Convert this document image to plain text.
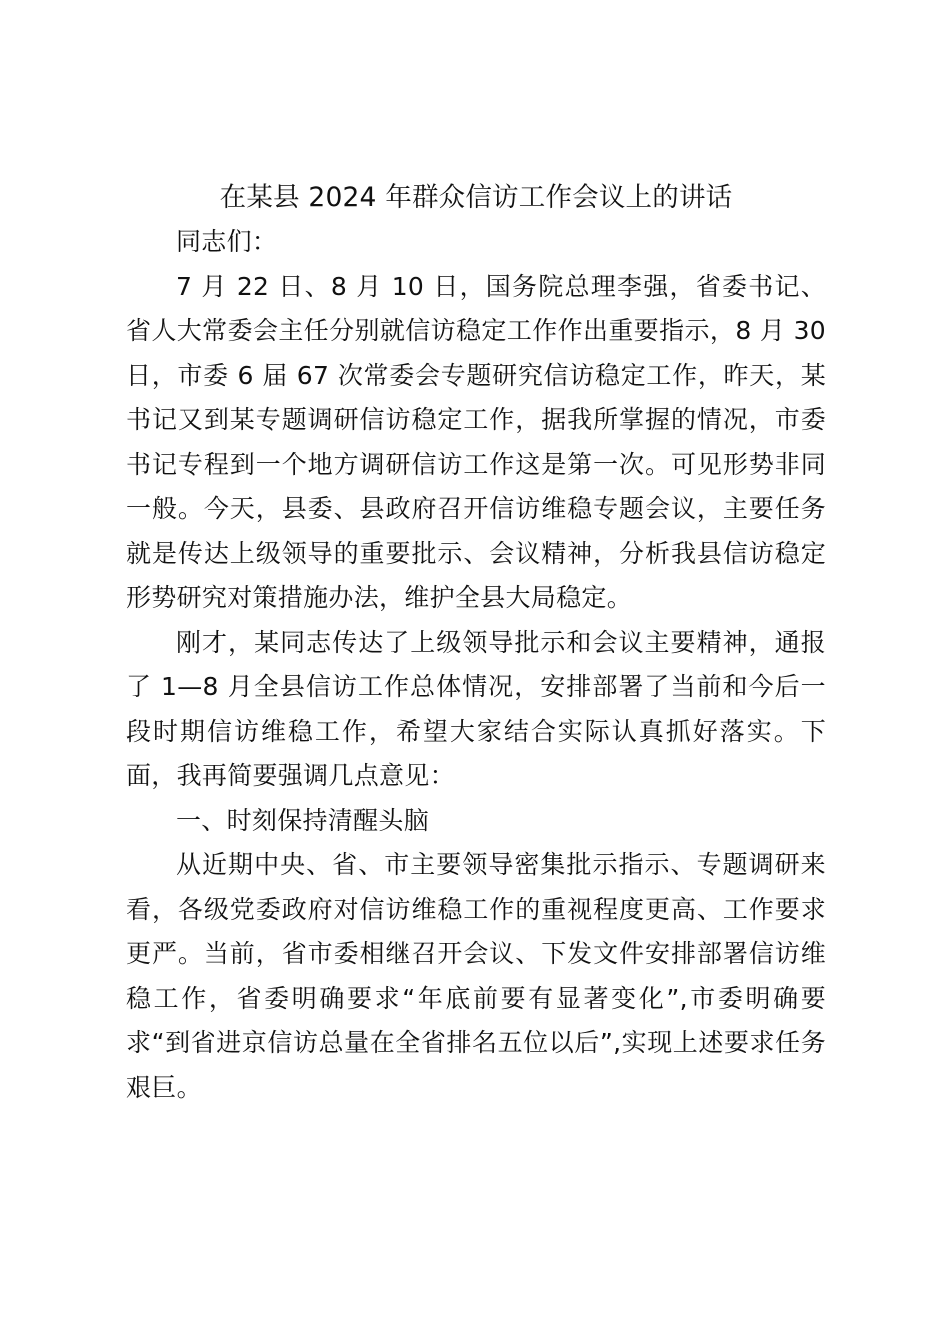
在某县 2024 年群众信访工作会议上的讲话

同志们：

7 月 22 日、8 月 10 日，国务院总理李强，省委书记、省人大常委会主任分别就信访稳定工作作出重要指示，8 月 30 日，市委 6 届 67 次常委会专题研究信访稳定工作，昨天，某书记又到某专题调研信访稳定工作，据我所掌握的情况，市委书记专程到一个地方调研信访工作这是第一次。可见形势非同一般。今天，县委、县政府召开信访维稳专题会议，主要任务就是传达上级领导的重要批示、会议精神，分析我县信访稳定形势研究对策措施办法，维护全县大局稳定。

刚才，某同志传达了上级领导批示和会议主要精神，通报了 1—8 月全县信访工作总体情况，安排部署了当前和今后一段时期信访维稳工作，希望大家结合实际认真抓好落实。下面，我再简要强调几点意见：

一、时刻保持清醒头脑

从近期中央、省、市主要领导密集批示指示、专题调研来看，各级党委政府对信访维稳工作的重视程度更高、工作要求更严。当前，省市委相继召开会议、下发文件安排部署信访维稳工作，省委明确要求“年底前要有显著变化”,市委明确要求“到省进京信访总量在全省排名五位以后”,实现上述要求任务艰巨。
